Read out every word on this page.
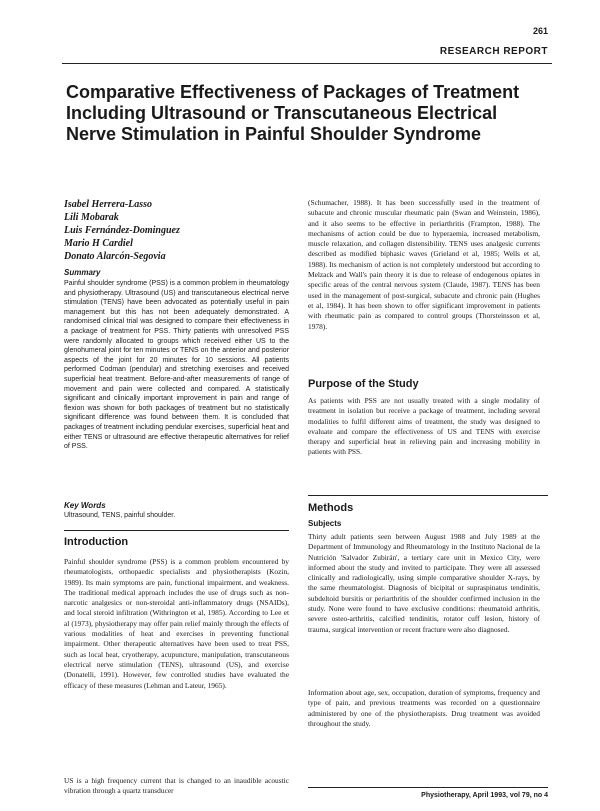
261
RESEARCH REPORT
Comparative Effectiveness of Packages of Treatment Including Ultrasound or Transcutaneous Electrical Nerve Stimulation in Painful Shoulder Syndrome
Isabel Herrera-Lasso
Lili Mobarak
Luis Fernández-Dominguez
Mario H Cardiel
Donato Alarcón-Segovia
Summary

Painful shoulder syndrome (PSS) is a common problem in rheumatology and physiotherapy. Ultrasound (US) and transcutaneous electrical nerve stimulation (TENS) have been advocated as potentially useful in pain management but this has not been adequately demonstrated. A randomised clinical trial was designed to compare their effectiveness in a package of treatment for PSS. Thirty patients with unresolved PSS were randomly allocated to groups which received either US to the glenohumeral joint for ten minutes or TENS on the anterior and posterior aspects of the joint for 20 minutes for 10 sessions. All patients performed Codman (pendular) and stretching exercises and received superficial heat treatment. Before-and-after measurements of range of movement and pain were collected and compared. A statistically significant and clinically important improvement in pain and range of flexion was shown for both packages of treatment but no statistically significant difference was found between them. It is concluded that packages of treatment including pendular exercises, superficial heat and either TENS or ultrasound are effective therapeutic alternatives for relief of PSS.

Key Words
Ultrasound, TENS, painful shoulder.
Introduction

Painful shoulder syndrome (PSS) is a common problem encountered by rheumatologists, orthopaedic specialists and physiotherapists (Kozin, 1989). Its main symptoms are pain, functional impairment, and weakness. The traditional medical approach includes the use of drugs such as non-narcotic analgesics or non-steroidal anti-inflammatory drugs (NSAIDs), and local steroid infiltration (Withrington et al, 1985). According to Lee et al (1973), physiotherapy may offer pain relief mainly through the effects of various modalities of heat and exercises in preventing functional impairment. Other therapeutic alternatives have been used to treat PSS, such as local heat, cryotherapy, acupuncture, manipulation, transcutaneous electrical nerve stimulation (TENS), ultrasound (US), and exercise (Donatelli, 1991). However, few controlled studies have evaluated the efficacy of these measures (Lehman and Lateur, 1965).

US is a high frequency current that is changed to an inaudible acoustic vibration through a quartz transducer

(Schumacher, 1988). It has been successfully used in the treatment of subacute and chronic muscular rheumatic pain (Swan and Weinstein, 1986), and it also seems to be effective in periarthritis (Frampton, 1988). The mechanisms of action could be due to hyperaemia, increased metabolism, muscle relaxation, and collagen distensibility. TENS uses analgesic currents described as modified biphasic waves (Grieland et al, 1985; Wells et al, 1988). Its mechanism of action is not completely understood but according to Melzack and Wall's pain theory it is due to release of endogenous opiates in specific areas of the central nervous system (Claude, 1987). TENS has been used in the management of post-surgical, subacute and chronic pain (Hughes et al, 1984). It has been shown to offer significant improvement in patients with rheumatic pain as compared to control groups (Thorsteinsson et al, 1978).

Purpose of the Study

As patients with PSS are not usually treated with a single modality of treatment in isolation but receive a package of treatment, including several modalities to fulfil different aims of treatment, the study was designed to evaluate and compare the effectiveness of US and TENS with exercise therapy and superficial heat in relieving pain and increasing mobility in patients with PSS.

Methods
Subjects

Thirty adult patients seen between August 1988 and July 1989 at the Department of Immunology and Rheumatology in the Instituto Nacional de la Nutrición 'Salvador Zubirán', a tertiary care unit in Mexico City, were informed about the study and invited to participate. They were all assessed clinically and radiologically, using simple comparative shoulder X-rays, by the same rheumatologist. Diagnosis of bicipital or supraspinatus tendinitis, subdeltoid bursitis or periarthritis of the shoulder confirmed inclusion in the study. None were found to have exclusive conditions: rheumatoid arthritis, severe osteo-arthritis, calcified tendinitis, rotator cuff lesion, history of trauma, surgical intervention or recent fracture were also diagnosed.

Information about age, sex, occupation, duration of symptoms, frequency and type of pain, and previous treatments was recorded on a questionnaire administered by one of the physiotherapists. Drug treatment was avoided throughout the study.

Physiotherapy, April 1993, vol 79, no 4
